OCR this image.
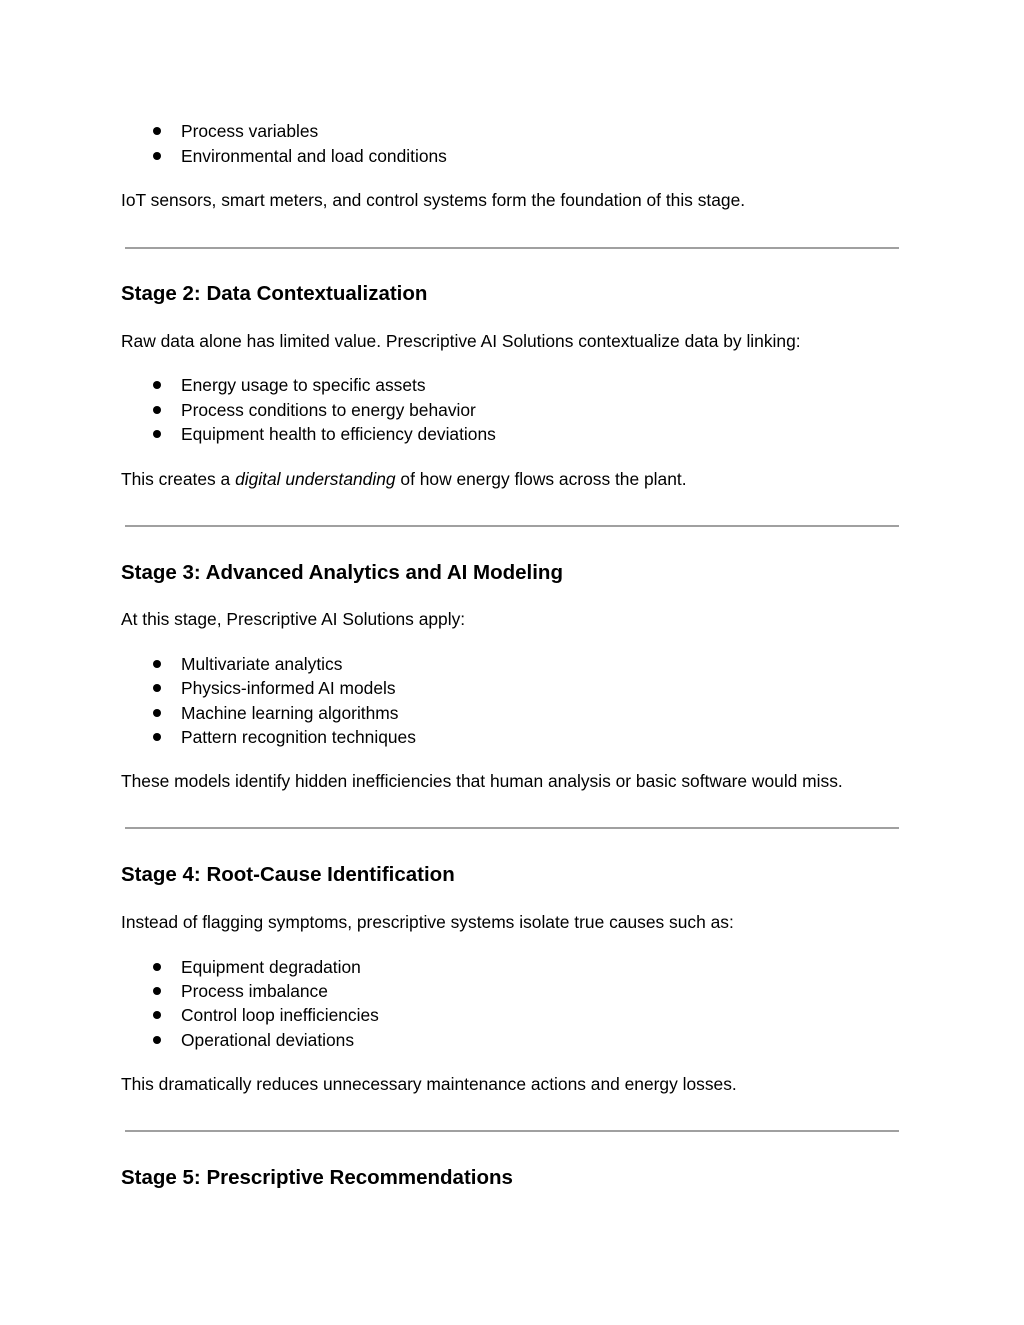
Process variables
Environmental and load conditions
IoT sensors, smart meters, and control systems form the foundation of this stage.
Stage 2: Data Contextualization
Raw data alone has limited value. Prescriptive AI Solutions contextualize data by linking:
Energy usage to specific assets
Process conditions to energy behavior
Equipment health to efficiency deviations
This creates a digital understanding of how energy flows across the plant.
Stage 3: Advanced Analytics and AI Modeling
At this stage, Prescriptive AI Solutions apply:
Multivariate analytics
Physics-informed AI models
Machine learning algorithms
Pattern recognition techniques
These models identify hidden inefficiencies that human analysis or basic software would miss.
Stage 4: Root-Cause Identification
Instead of flagging symptoms, prescriptive systems isolate true causes such as:
Equipment degradation
Process imbalance
Control loop inefficiencies
Operational deviations
This dramatically reduces unnecessary maintenance actions and energy losses.
Stage 5: Prescriptive Recommendations
